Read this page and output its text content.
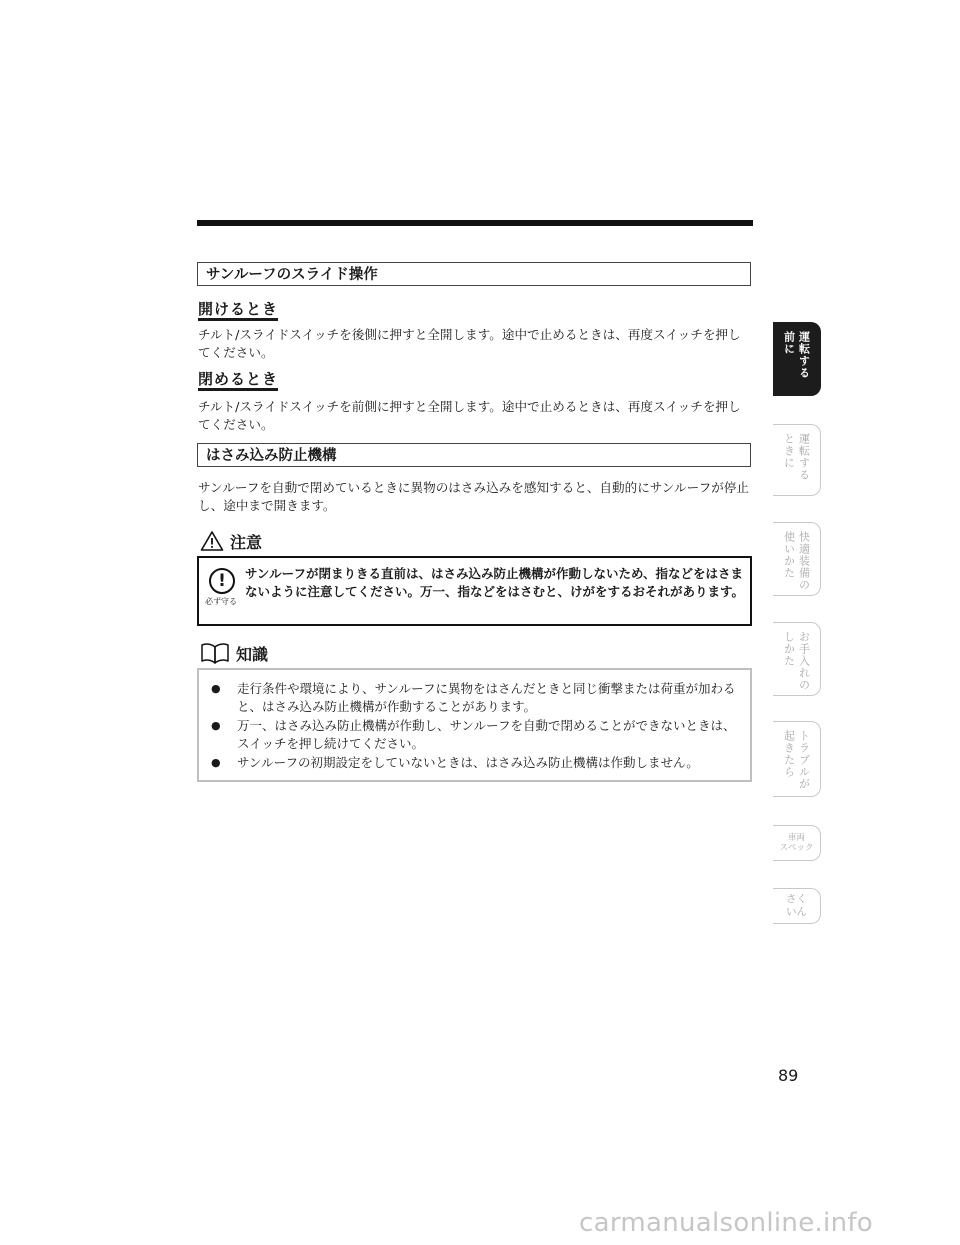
サンルーフのスライド操作
開けるとき
チルト/スライドスイッチを後側に押すと全開します。途中で止めるときは、再度スイッチを押してください。
閉めるとき
チルト/スライドスイッチを前側に押すと全開します。途中で止めるときは、再度スイッチを押してください。
はさみ込み防止機構
サンルーフを自動で閉めているときに異物のはさみ込みを感知すると、自動的にサンルーフが停止し、途中まで開きます。
注意
!
必ず守る
サンルーフが閉まりきる直前は、はさみ込み防止機構が作動しないため、指などをはさまないように注意してください。万一、指などをはさむと、けがをするおそれがあります。
知識
● 走行条件や環境により、サンルーフに異物をはさんだときと同じ衝撃または荷重が加わると、はさみ込み防止機構が作動することがあります。
● 万一、はさみ込み防止機構が作動し、サンルーフを自動で閉めることができないときは、スイッチを押し続けてください。
● サンルーフの初期設定をしていないときは、はさみ込み防止機構は作動しません。
運転する
前に
運転する
ときに
快適装備の
使いかた
お手入れの
しかた
トラブルが
起きたら
車両
スペック
さく
いん
89
carmanualsonline.info
